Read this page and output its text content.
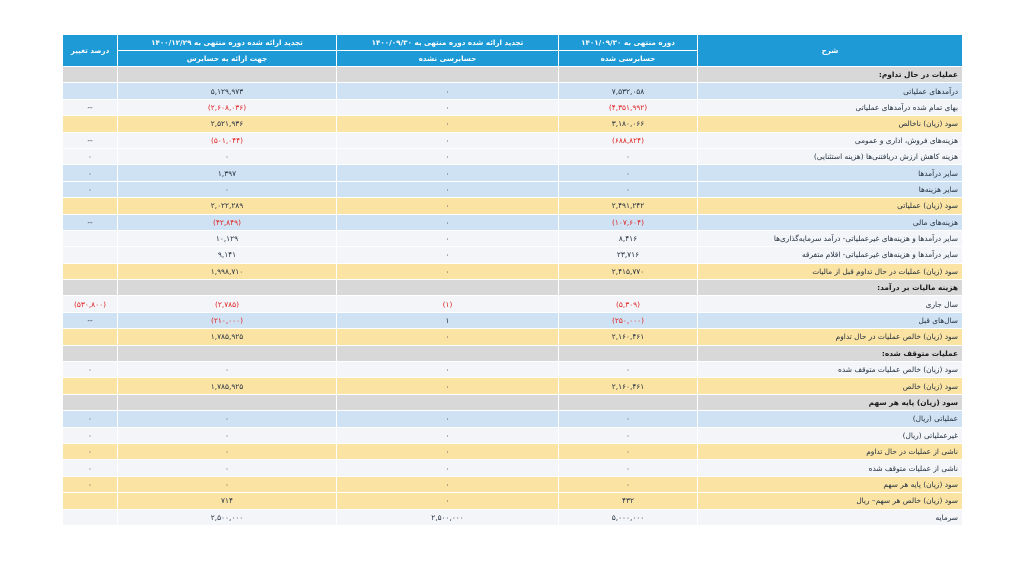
شرح	دوره منتهی به ۱۴۰۱/۰۹/۳۰	تجدید ارائه شده دوره منتهی به ۱۴۰۰/۰۹/۳۰	تجدید ارائه شده دوره منتهی به ۱۴۰۰/۱۲/۲۹	درصد تغییر
	حسابرسی شده	حسابرسی نشده	جهت ارائه به حسابرس	
عملیات در حال تداوم:				
درآمدهای عملیاتی	۷,۵۳۲,۰۵۸	۰	۵,۱۲۹,۹۷۳	
بهای تمام شده درآمدهای عملیاتی	(۴,۳۵۱,۹۹۲)	۰	(۲,۶۰۸,۰۳۶)	--
سود (زیان) ناخالص	۳,۱۸۰,۰۶۶	۰	۲,۵۲۱,۹۳۶	
هزینه‌های فروش، اداری و عمومی	(۶۸۸,۸۲۴)	۰	(۵۰۱,۰۴۴)	--
هزینه کاهش ارزش دریافتنی‌ها (هزینه استثنایی)	۰	۰	۰	۰
سایر درآمدها	۰	۰	۱,۳۹۷	۰
سایر هزینه‌ها	۰	۰	۰	۰
سود (زیان) عملیاتی	۲,۴۹۱,۲۴۲	۰	۲,۰۲۲,۲۸۹	
هزینه‌های مالی	(۱۰۷,۶۰۴)	۰	(۴۲,۸۴۹)	--
سایر درآمدها و هزینه‌های غیرعملیاتی- درآمد سرمایه‌گذاری‌ها	۸,۴۱۶	۰	۱۰,۱۲۹	
سایر درآمدها و هزینه‌های غیرعملیاتی- اقلام متفرقه	۲۳,۷۱۶	۰	۹,۱۴۱	
سود (زیان) عملیات در حال تداوم قبل از مالیات	۲,۴۱۵,۷۷۰	۰	۱,۹۹۸,۷۱۰	
هزینه مالیات بر درآمد:				
سال جاری	(۵,۳۰۹)	(۱)	(۲,۷۸۵)	(۵۳۰,۸۰۰)
سال‌های قبل	(۲۵۰,۰۰۰)	۱	(۲۱۰,۰۰۰)	--
سود (زیان) خالص عملیات در حال تداوم	۲,۱۶۰,۴۶۱	۰	۱,۷۸۵,۹۲۵	
عملیات متوقف شده:				
سود (زیان) خالص عملیات متوقف شده	۰	۰	۰	۰
سود (زیان) خالص	۲,۱۶۰,۴۶۱	۰	۱,۷۸۵,۹۲۵	
سود (زیان) پایه هر سهم				
عملیاتی (ریال)	۰	۰	۰	۰
غیرعملیاتی (ریال)	۰	۰	۰	۰
ناشی از عملیات در حال تداوم	۰	۰	۰	۰
ناشی از عملیات متوقف شده	۰	۰	۰	۰
سود (زیان) پایه هر سهم	۰	۰	۰	۰
سود (زیان) خالص هر سهم– ریال	۴۳۲	۰	۷۱۴	
سرمایه	۵,۰۰۰,۰۰۰	۲,۵۰۰,۰۰۰	۲,۵۰۰,۰۰۰	
